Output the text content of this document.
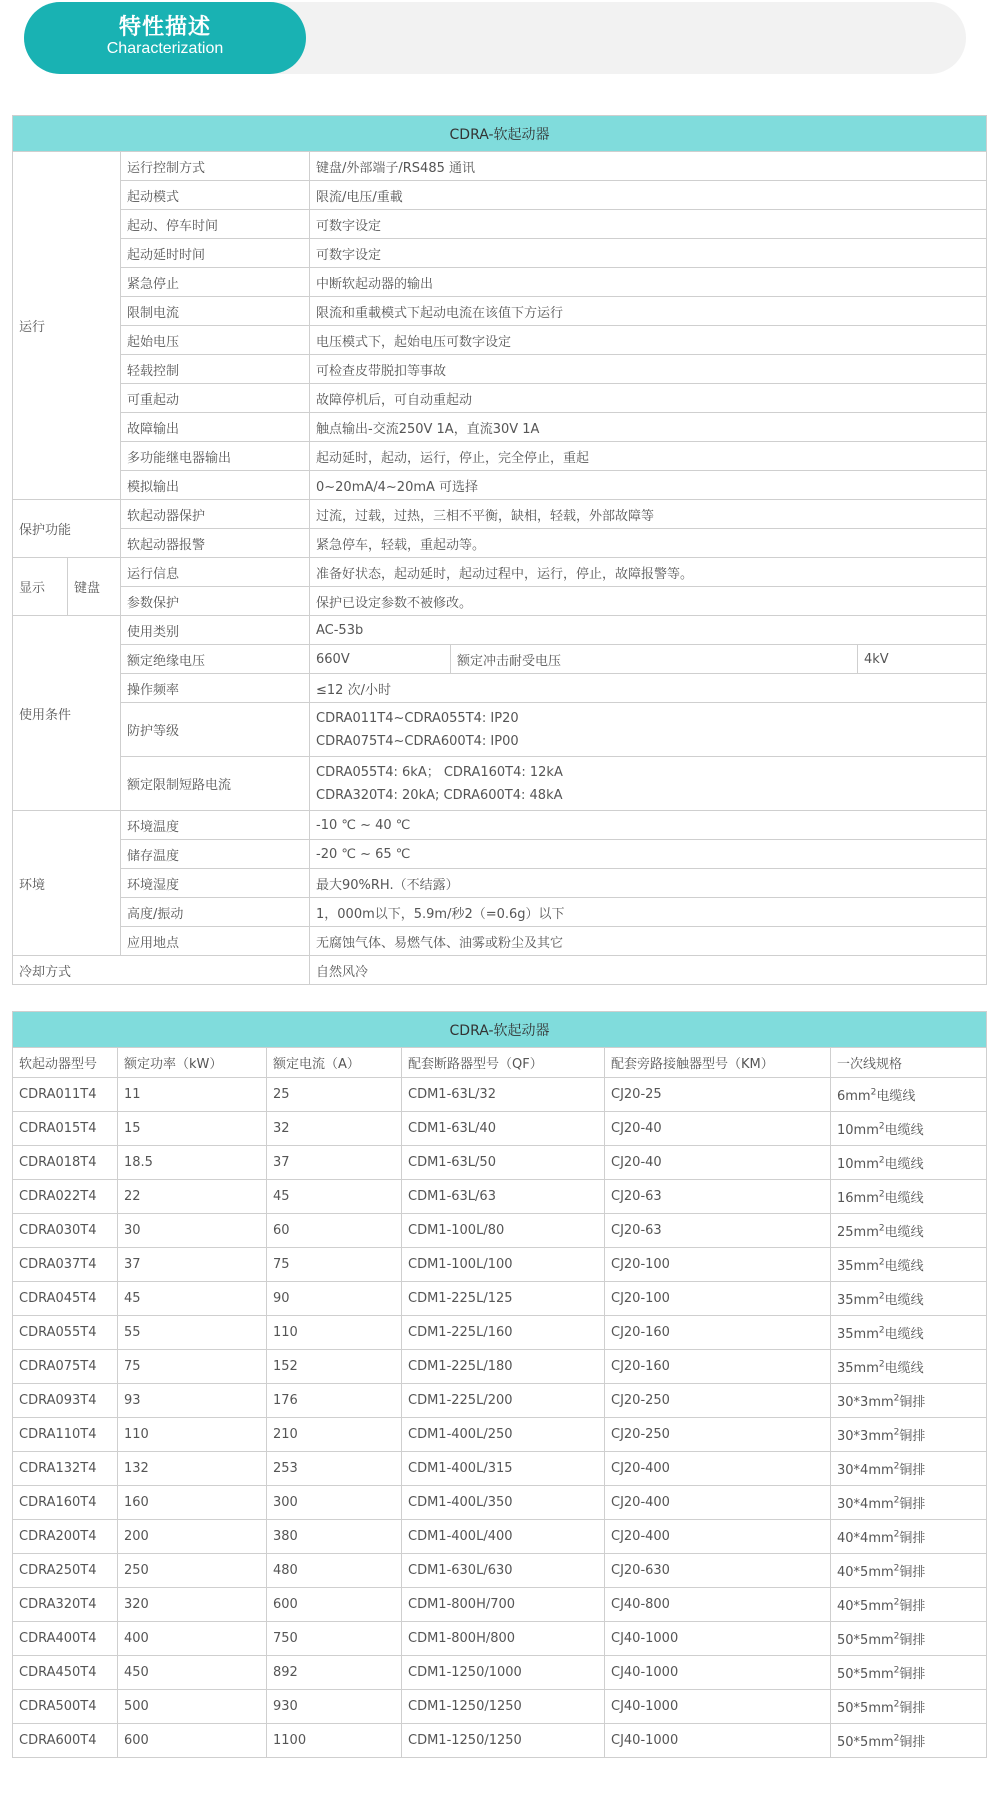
特性描述
Characterization
CDRA-软起动器					
运行		运行控制方式	键盘/外部端子/RS485 通讯		
		起动模式	限流/电压/重載		
		起动、停车时间	可数字设定		
		起动延时时间	可数字设定		
		紧急停止	中断软起动器的输出		
		限制电流	限流和重載模式下起动电流在该值下方运行		
		起始电压	电压模式下，起始电压可数字设定		
		轻载控制	可检查皮带脱扣等事故		
		可重起动	故障停机后，可自动重起动		
		故障输出	触点输出-交流250V 1A，直流30V 1A		
		多功能继电器输出	起动延时，起动，运行，停止，完全停止，重起		
		模拟输出	0~20mA/4~20mA 可选择		
保护功能		软起动器保护	过流，过载，过热，三相不平衡，缺相，轻载，外部故障等		
		软起动器报警	紧急停车，轻载，重起动等。		
显示	键盘	运行信息	准备好状态，起动延时，起动过程中，运行，停止，故障报警等。		
		参数保护	保护已设定参数不被修改。		
使用条件		使用类别	AC-53b		
		额定绝缘电压	660V	额定冲击耐受电压	4kV
		操作频率	≤12 次/小时		
		防护等级	CDRA011T4~CDRA055T4: IP20
CDRA075T4~CDRA600T4: IP00		

		额定限制短路电流	CDRA055T4: 6kA； CDRA160T4: 12kA
CDRA320T4: 20kA; CDRA600T4: 48kA		

环境		环境温度	-10 ℃ ~ 40 ℃		
		储存温度	-20 ℃ ~ 65 ℃		
		环境湿度	最大90%RH.（不结露）		
		高度/振动	1，000m以下，5.9m/秒2（=0.6g）以下		
		应用地点	无腐蚀气体、易燃气体、油雾或粉尘及其它		
冷却方式			自然风冷		
CDRA-软起动器					
软起动器型号	额定功率（kW）	额定电流（A）	配套断路器型号（QF）	配套旁路接触器型号（KM）	一次线规格
CDRA011T4	11	25	CDM1-63L/32	CJ20-25	$6mm^2$电缆线
CDRA015T4	15	32	CDM1-63L/40	CJ20-40	$10mm^2$电缆线
CDRA018T4	18.5	37	CDM1-63L/50	CJ20-40	$10mm^2$电缆线
CDRA022T4	22	45	CDM1-63L/63	CJ20-63	$16mm^2$电缆线
CDRA030T4	30	60	CDM1-100L/80	CJ20-63	$25mm^2$电缆线
CDRA037T4	37	75	CDM1-100L/100	CJ20-100	$35mm^2$电缆线
CDRA045T4	45	90	CDM1-225L/125	CJ20-100	$35mm^2$电缆线
CDRA055T4	55	110	CDM1-225L/160	CJ20-160	$35mm^2$电缆线
CDRA075T4	75	152	CDM1-225L/180	CJ20-160	$35mm^2$电缆线
CDRA093T4	93	176	CDM1-225L/200	CJ20-250	$30*3mm^2$铜排
CDRA110T4	110	210	CDM1-400L/250	CJ20-250	$30*3mm^2$铜排
CDRA132T4	132	253	CDM1-400L/315	CJ20-400	$30*4mm^2$铜排
CDRA160T4	160	300	CDM1-400L/350	CJ20-400	$30*4mm^2$铜排
CDRA200T4	200	380	CDM1-400L/400	CJ20-400	$40*4mm^2$铜排
CDRA250T4	250	480	CDM1-630L/630	CJ20-630	$40*5mm^2$铜排
CDRA320T4	320	600	CDM1-800H/700	CJ40-800	$40*5mm^2$铜排
CDRA400T4	400	750	CDM1-800H/800	CJ40-1000	$50*5mm^2$铜排
CDRA450T4	450	892	CDM1-1250/1000	CJ40-1000	$50*5mm^2$铜排
CDRA500T4	500	930	CDM1-1250/1250	CJ40-1000	$50*5mm^2$铜排
CDRA600T4	600	1100	CDM1-1250/1250	CJ40-1000	$50*5mm^2$铜排
